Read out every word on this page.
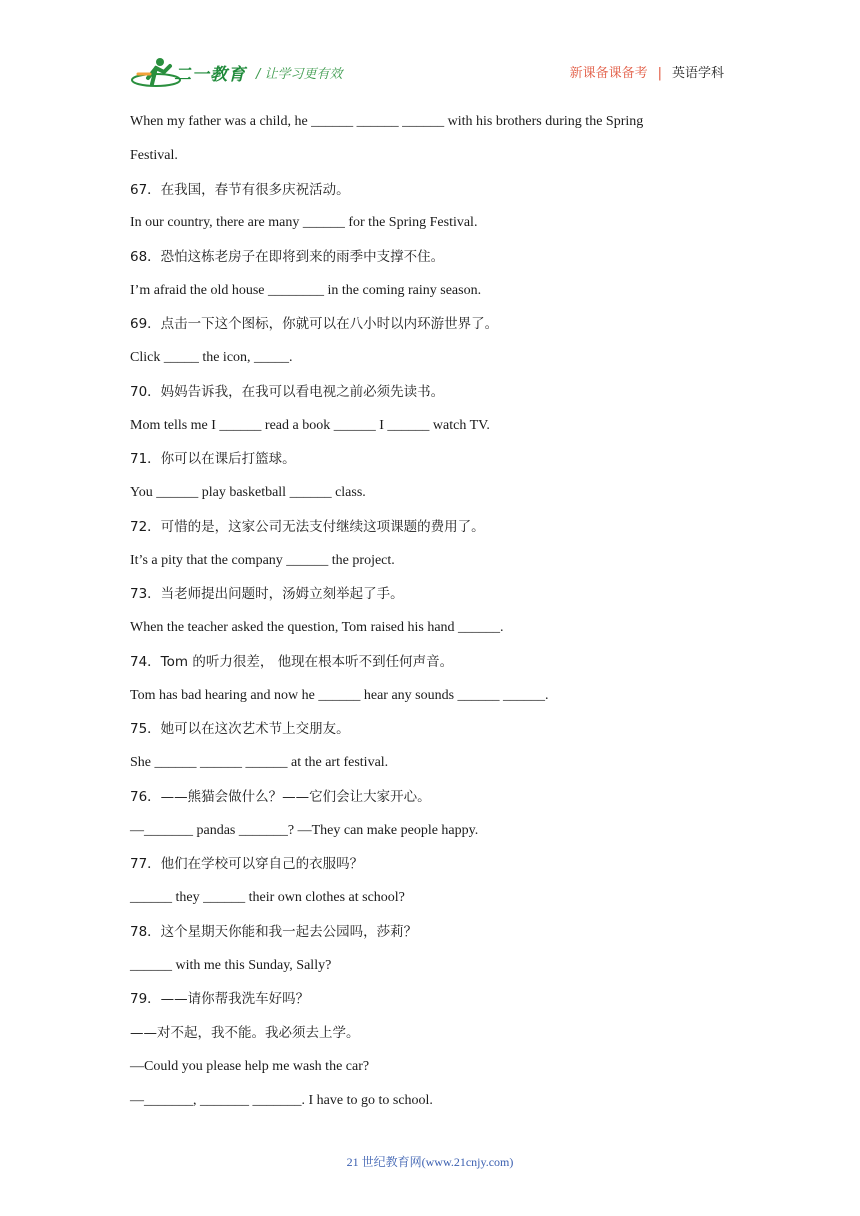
二一教育 / 让学习更有效	新课备课备考 | 英语学科
When my father was a child, he ______ ______ ______ with his brothers during the Spring
Festival.
67．在我国，春节有很多庆祝活动。
In our country, there are many ______ for the Spring Festival.
68．恐怕这栋老房子在即将到来的雨季中支撑不住。
I’m afraid the old house ________ in the coming rainy season.
69．点击一下这个图标，你就可以在八小时以内环游世界了。
Click _____ the icon, _____.
70．妈妈告诉我，在我可以看电视之前必须先读书。
Mom tells me I ______ read a book ______ I ______ watch TV.
71．你可以在课后打篮球。
You ______ play basketball ______ class.
72．可惜的是，这家公司无法支付继续这项课题的费用了。
It’s a pity that the company ______ the project.
73．当老师提出问题时，汤姆立刻举起了手。
When the teacher asked the question, Tom raised his hand ______.
74．Tom 的听力很差， 他现在根本听不到任何声音。
Tom has bad hearing and now he ______ hear any sounds ______ ______.
75．她可以在这次艺术节上交朋友。
She ______ ______ ______ at the art festival.
76．——熊猫会做什么？——它们会让大家开心。
—_______ pandas _______? —They can make people happy.
77．他们在学校可以穿自己的衣服吗？
______ they ______ their own clothes at school?
78．这个星期天你能和我一起去公园吗，莎莉？
______ with me this Sunday, Sally?
79．——请你帮我洗车好吗？
——对不起，我不能。我必须去上学。
—Could you please help me wash the car?
—_______, _______ _______. I have to go to school.
21 世纪教育网(www.21cnjy.com)
